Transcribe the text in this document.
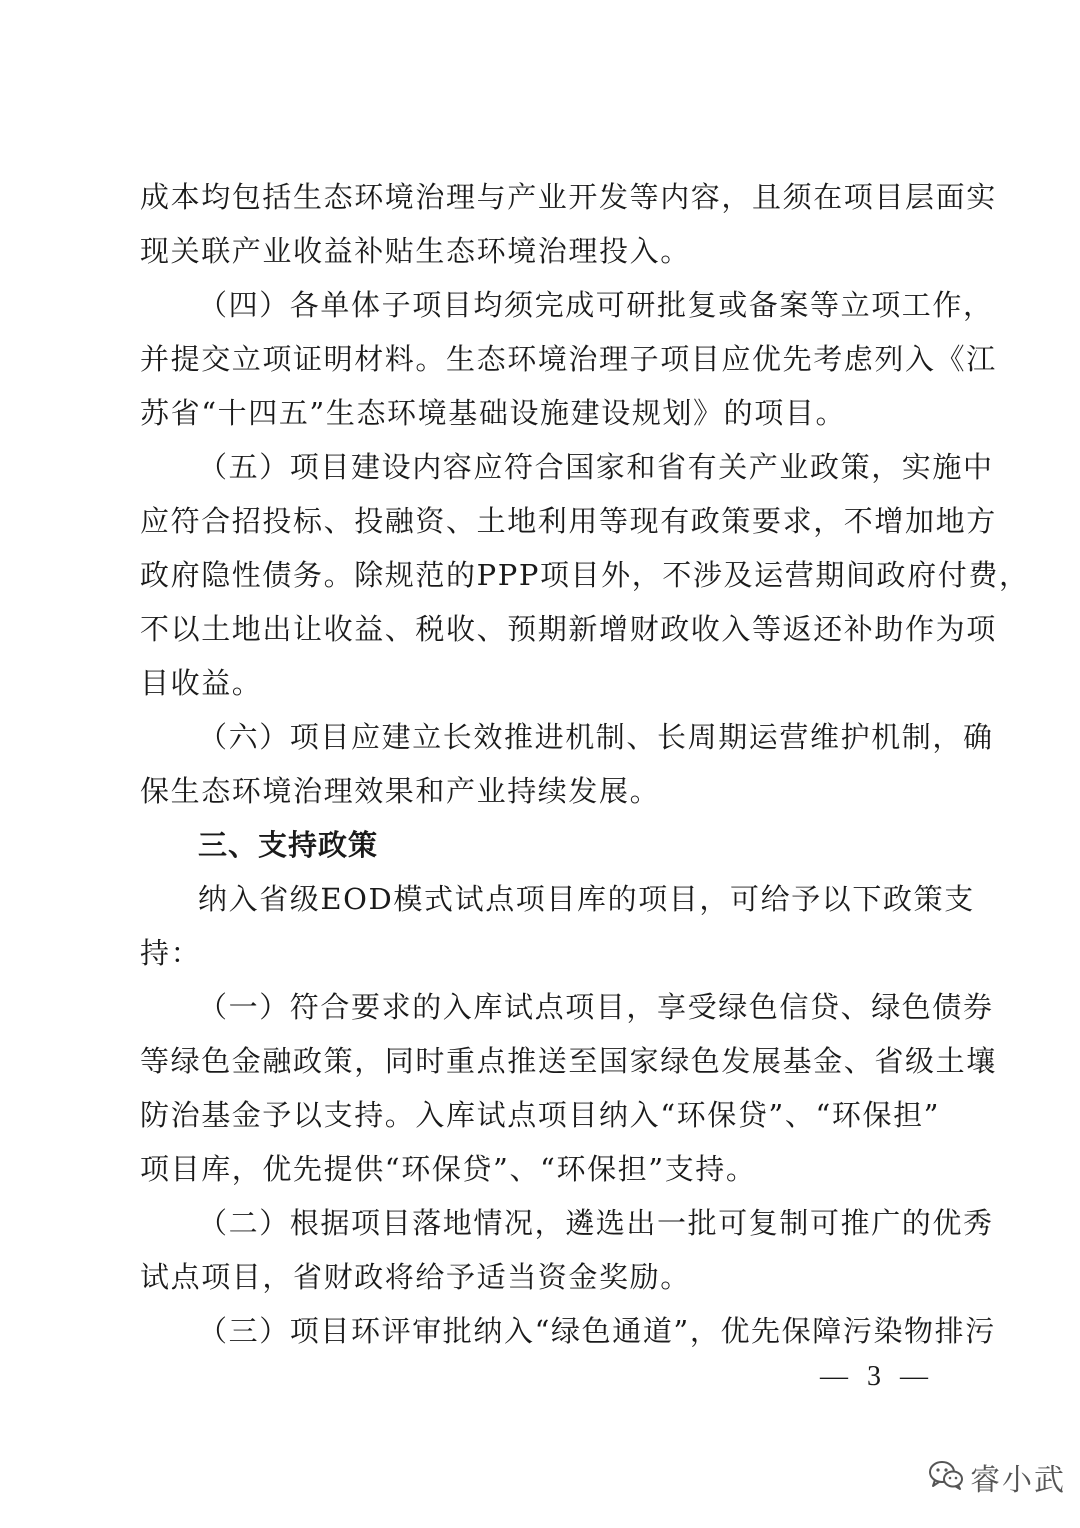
成本均包括生态环境治理与产业开发等内容，且须在项目层面实
现关联产业收益补贴生态环境治理投入。
（四）各单体子项目均须完成可研批复或备案等立项工作，
并提交立项证明材料。生态环境治理子项目应优先考虑列入《江
苏省“十四五”生态环境基础设施建设规划》的项目。
（五）项目建设内容应符合国家和省有关产业政策，实施中
应符合招投标、投融资、土地利用等现有政策要求，不增加地方
政府隐性债务。除规范的PPP项目外，不涉及运营期间政府付费，
不以土地出让收益、税收、预期新增财政收入等返还补助作为项
目收益。
（六）项目应建立长效推进机制、长周期运营维护机制，确
保生态环境治理效果和产业持续发展。
三、支持政策
纳入省级EOD模式试点项目库的项目，可给予以下政策支
持：
（一）符合要求的入库试点项目，享受绿色信贷、绿色债券
等绿色金融政策，同时重点推送至国家绿色发展基金、省级土壤
防治基金予以支持。入库试点项目纳入“环保贷”、“环保担”
项目库，优先提供“环保贷”、“环保担”支持。
（二）根据项目落地情况，遴选出一批可复制可推广的优秀
试点项目，省财政将给予适当资金奖励。
（三）项目环评审批纳入“绿色通道”，优先保障污染物排污
— 3 —
睿小武
